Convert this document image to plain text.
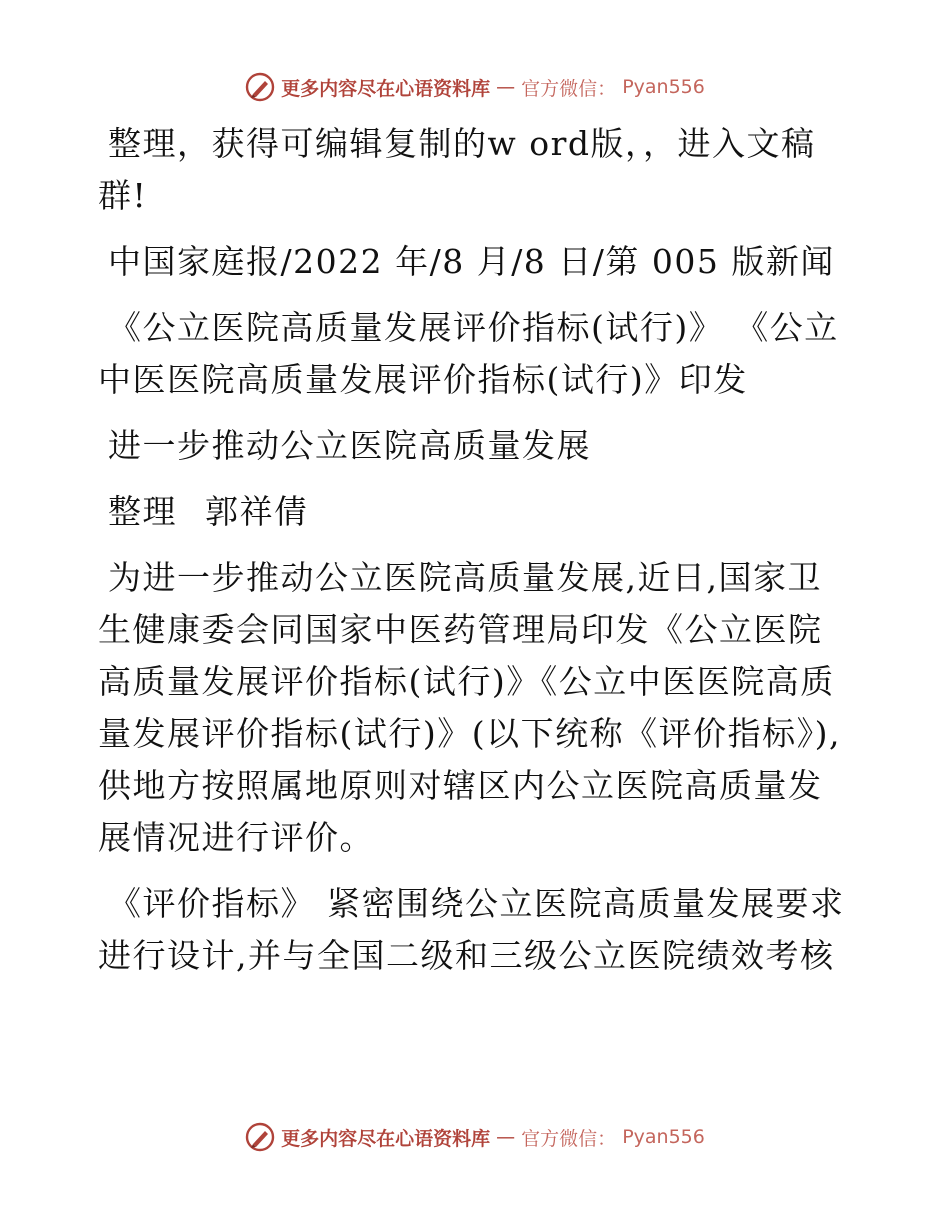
更多内容尽在心语资料库 — 官方微信： Pyan556

整理，获得可编辑复制的w ord版，，进入文稿群!

中国家庭报/2022 年/8 月/8 日/第 005 版新闻

《公立医院高质量发展评价指标(试行)》 《公立中医医院高质量发展评价指标(试行)》印发

进一步推动公立医院高质量发展

整理 郭祥倩

为进一步推动公立医院高质量发展,近日,国家卫生健康委会同国家中医药管理局印发《公立医院高质量发展评价指标(试行)》《公立中医医院高质量发展评价指标(试行)》(以下统称《评价指标》),供地方按照属地原则对辖区内公立医院高质量发展情况进行评价。

《评价指标》 紧密围绕公立医院高质量发展要求进行设计,并与全国二级和三级公立医院绩效考核

更多内容尽在心语资料库 — 官方微信： Pyan556
